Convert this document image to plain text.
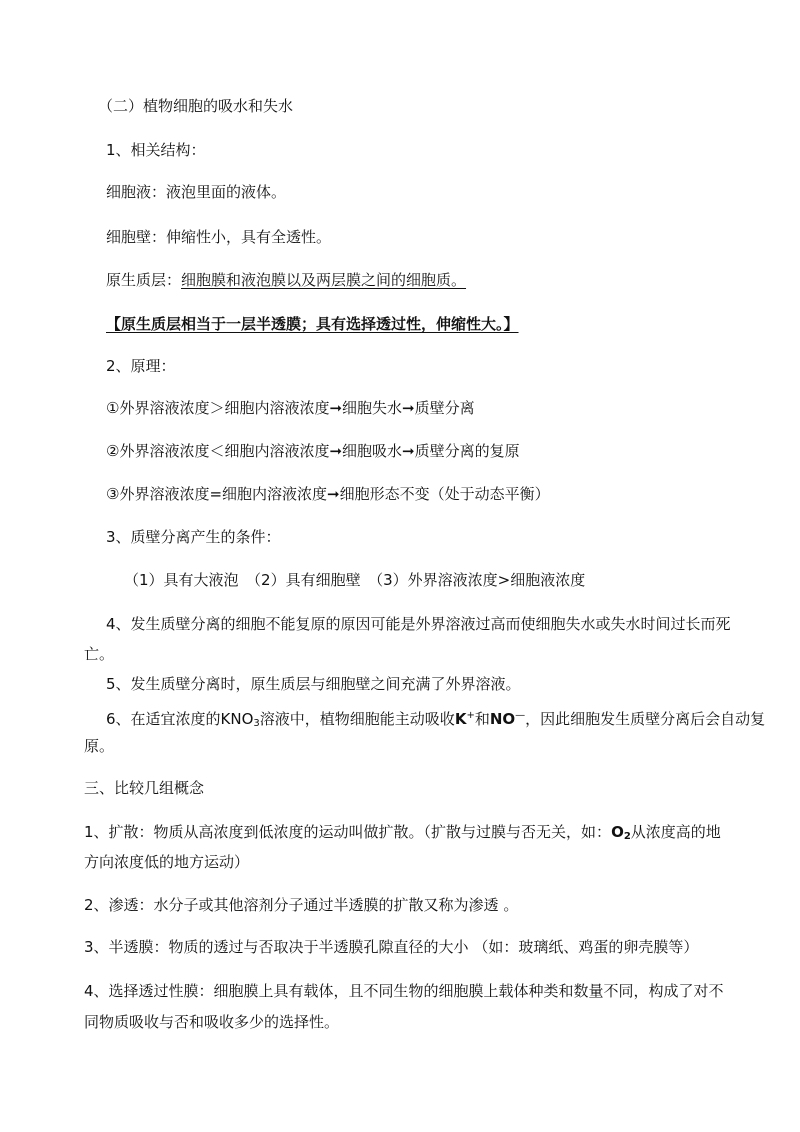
（二）植物细胞的吸水和失水
1、相关结构：
细胞液：液泡里面的液体。
细胞壁：伸缩性小，具有全透性。
原生质层：细胞膜和液泡膜以及两层膜之间的细胞质。
【原生质层相当于一层半透膜；具有选择透过性，伸缩性大。】
2、原理：
①外界溶液浓度＞细胞内溶液浓度➞细胞失水➞质壁分离
②外界溶液浓度＜细胞内溶液浓度➞细胞吸水➞质壁分离的复原
③外界溶液浓度=细胞内溶液浓度➞细胞形态不变（处于动态平衡）
3、质壁分离产生的条件：
（1）具有大液泡　（2）具有细胞壁　（3）外界溶液浓度>细胞液浓度
4、发生质壁分离的细胞不能复原的原因可能是外界溶液过高而使细胞失水或失水时间过长而死
亡。
5、发生质壁分离时，原生质层与细胞壁之间充满了外界溶液。
6、在适宜浓度的$KNO_3$溶液中，植物细胞能主动吸收K+和NO—，因此细胞发生质壁分离后会自动复
原。
三、比较几组概念
1、扩散：物质从高浓度到低浓度的运动叫做扩散。（扩散与过膜与否无关，如：$O_2$从浓度高的地
方向浓度低的地方运动）
2、渗透：水分子或其他溶剂分子通过半透膜的扩散又称为渗透 。
3、半透膜：物质的透过与否取决于半透膜孔隙直径的大小 （如：玻璃纸、鸡蛋的卵壳膜等）
4、选择透过性膜：细胞膜上具有载体，且不同生物的细胞膜上载体种类和数量不同，构成了对不
同物质吸收与否和吸收多少的选择性。
